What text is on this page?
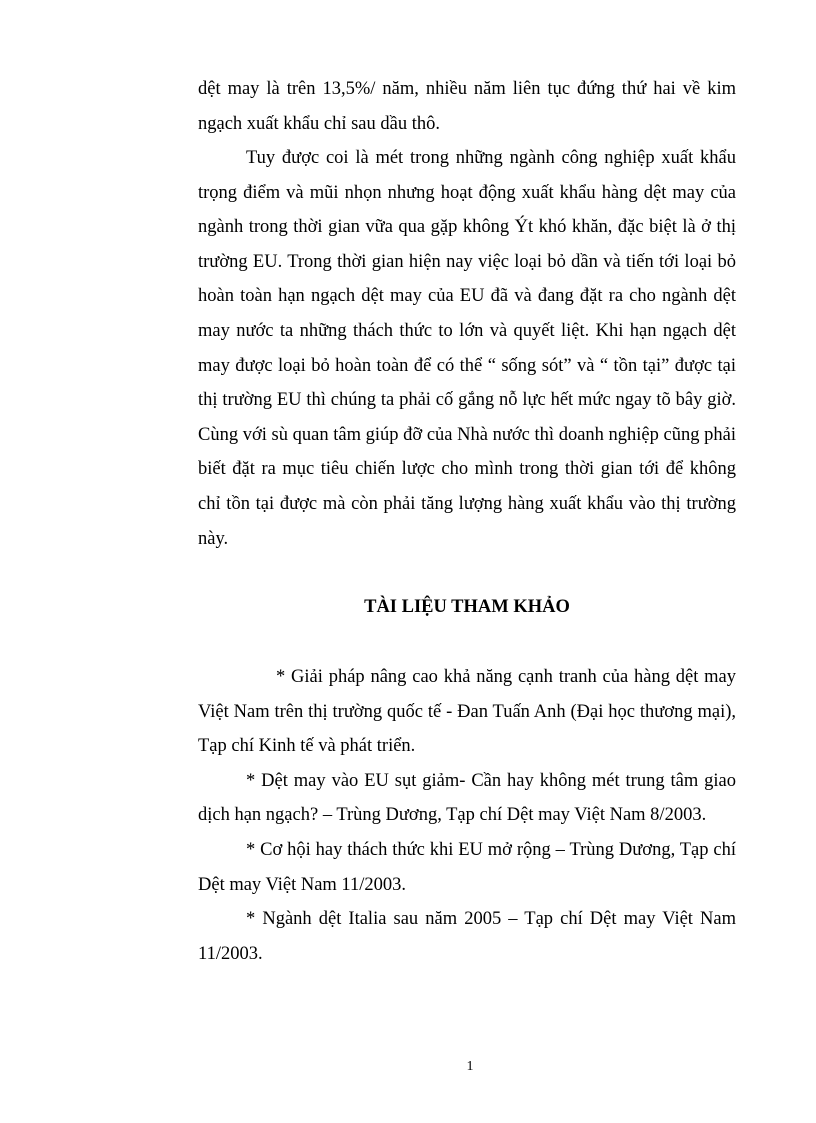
dệt may là trên 13,5%/ năm, nhiều năm liên tục đứng thứ hai về kim ngạch xuất khẩu chỉ sau dầu thô.

Tuy được coi là mét trong những ngành công nghiệp xuất khẩu trọng điểm và mũi nhọn nhưng hoạt động xuất khẩu hàng dệt may của ngành trong thời gian vữa qua gặp không Ýt khó khăn, đặc biệt là ở thị trường EU. Trong thời gian hiện nay việc loại bỏ dần và tiến tới loại bỏ hoàn toàn hạn ngạch dệt may của EU đã và đang đặt ra cho ngành dệt may nước ta những thách thức to lớn và quyết liệt. Khi hạn ngạch dệt may được loại bỏ hoàn toàn để có thể “ sống sót” và “ tồn tại” được tại thị trường EU thì chúng ta phải cố gắng nỗ lực hết mức ngay tõ bây giờ. Cùng với sù quan tâm giúp đỡ của Nhà nước thì doanh nghiệp cũng phải biết đặt ra mục tiêu chiến lược cho mình trong thời gian tới để không chỉ tồn tại được mà còn phải tăng lượng hàng xuất khẩu vào thị trường này.

TÀI LIỆU THAM KHẢO

* Giải pháp nâng cao khả năng cạnh tranh của hàng dệt may Việt Nam trên thị trường quốc tế - Đan Tuấn Anh (Đại học thương mại), Tạp chí Kinh tế và phát triển.

* Dệt may vào EU sụt giảm- Cần hay không mét trung tâm giao dịch hạn ngạch? – Trùng Dương, Tạp chí Dệt may Việt Nam 8/2003.

* Cơ hội hay thách thức khi EU mở rộng – Trùng Dương, Tạp chí Dệt may Việt Nam 11/2003.

* Ngành dệt Italia sau năm 2005 – Tạp chí Dệt may Việt Nam 11/2003.

1
